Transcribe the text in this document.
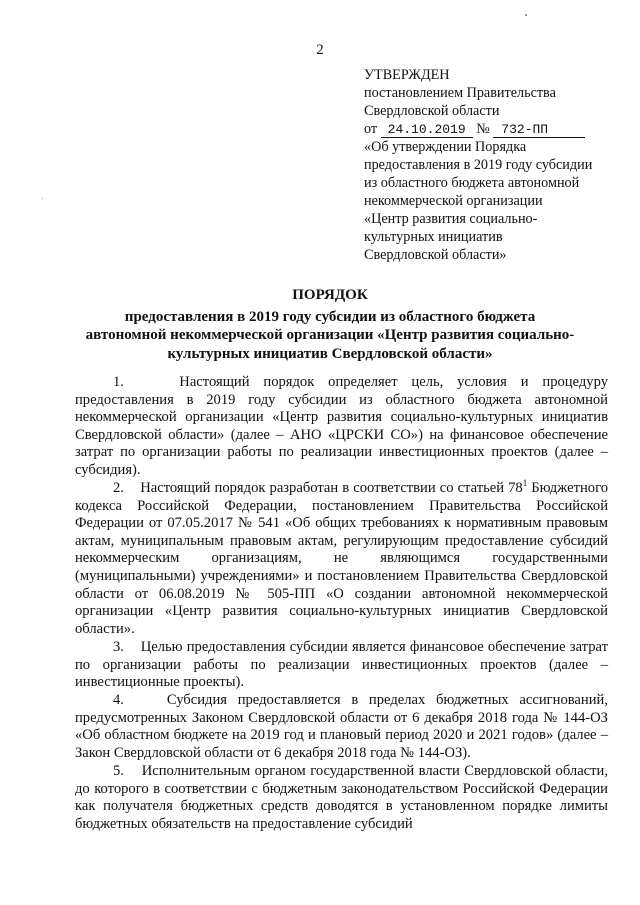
2
УТВЕРЖДЕН
постановлением Правительства
Свердловской области
от 24.10.2019 № 732-ПП
«Об утверждении Порядка
предоставления в 2019 году субсидии
из областного бюджета автономной
некоммерческой организации
«Центр развития социально-
культурных инициатив
Свердловской области»
ПОРЯДОК
предоставления в 2019 году субсидии из областного бюджета
автономной некоммерческой организации «Центр развития социально-
культурных инициатив Свердловской области»

1.    Настоящий порядок определяет цель, условия и процедуру предоставления в 2019 году субсидии из областного бюджета автономной некоммерческой организации «Центр развития социально-культурных инициатив Свердловской области» (далее – АНО «ЦРСКИ СО») на финансовое обеспечение затрат по организации работы по реализации инвестиционных проектов (далее – субсидия).

2.    Настоящий порядок разработан в соответствии со статьей $78^1$ Бюджетного кодекса Российской Федерации, постановлением Правительства Российской Федерации от 07.05.2017 № 541 «Об общих требованиях к нормативным правовым актам, муниципальным правовым актам, регулирующим предоставление субсидий некоммерческим организациям, не являющимся государственными (муниципальными) учреждениями» и постановлением Правительства Свердловской области от 06.08.2019 № 505-ПП «О создании автономной некоммерческой организации «Центр развития социально-культурных инициатив Свердловской области».

3.    Целью предоставления субсидии является финансовое обеспечение затрат по организации работы по реализации инвестиционных проектов (далее – инвестиционные проекты).

4.    Субсидия предоставляется в пределах бюджетных ассигнований, предусмотренных Законом Свердловской области от 6 декабря 2018 года № 144-ОЗ «Об областном бюджете на 2019 год и плановый период 2020 и 2021 годов» (далее – Закон Свердловской области от 6 декабря 2018 года № 144-ОЗ).

5.    Исполнительным органом государственной власти Свердловской области, до которого в соответствии с бюджетным законодательством Российской Федерации как получателя бюджетных средств доводятся в установленном порядке лимиты бюджетных обязательств на предоставление субсидий
